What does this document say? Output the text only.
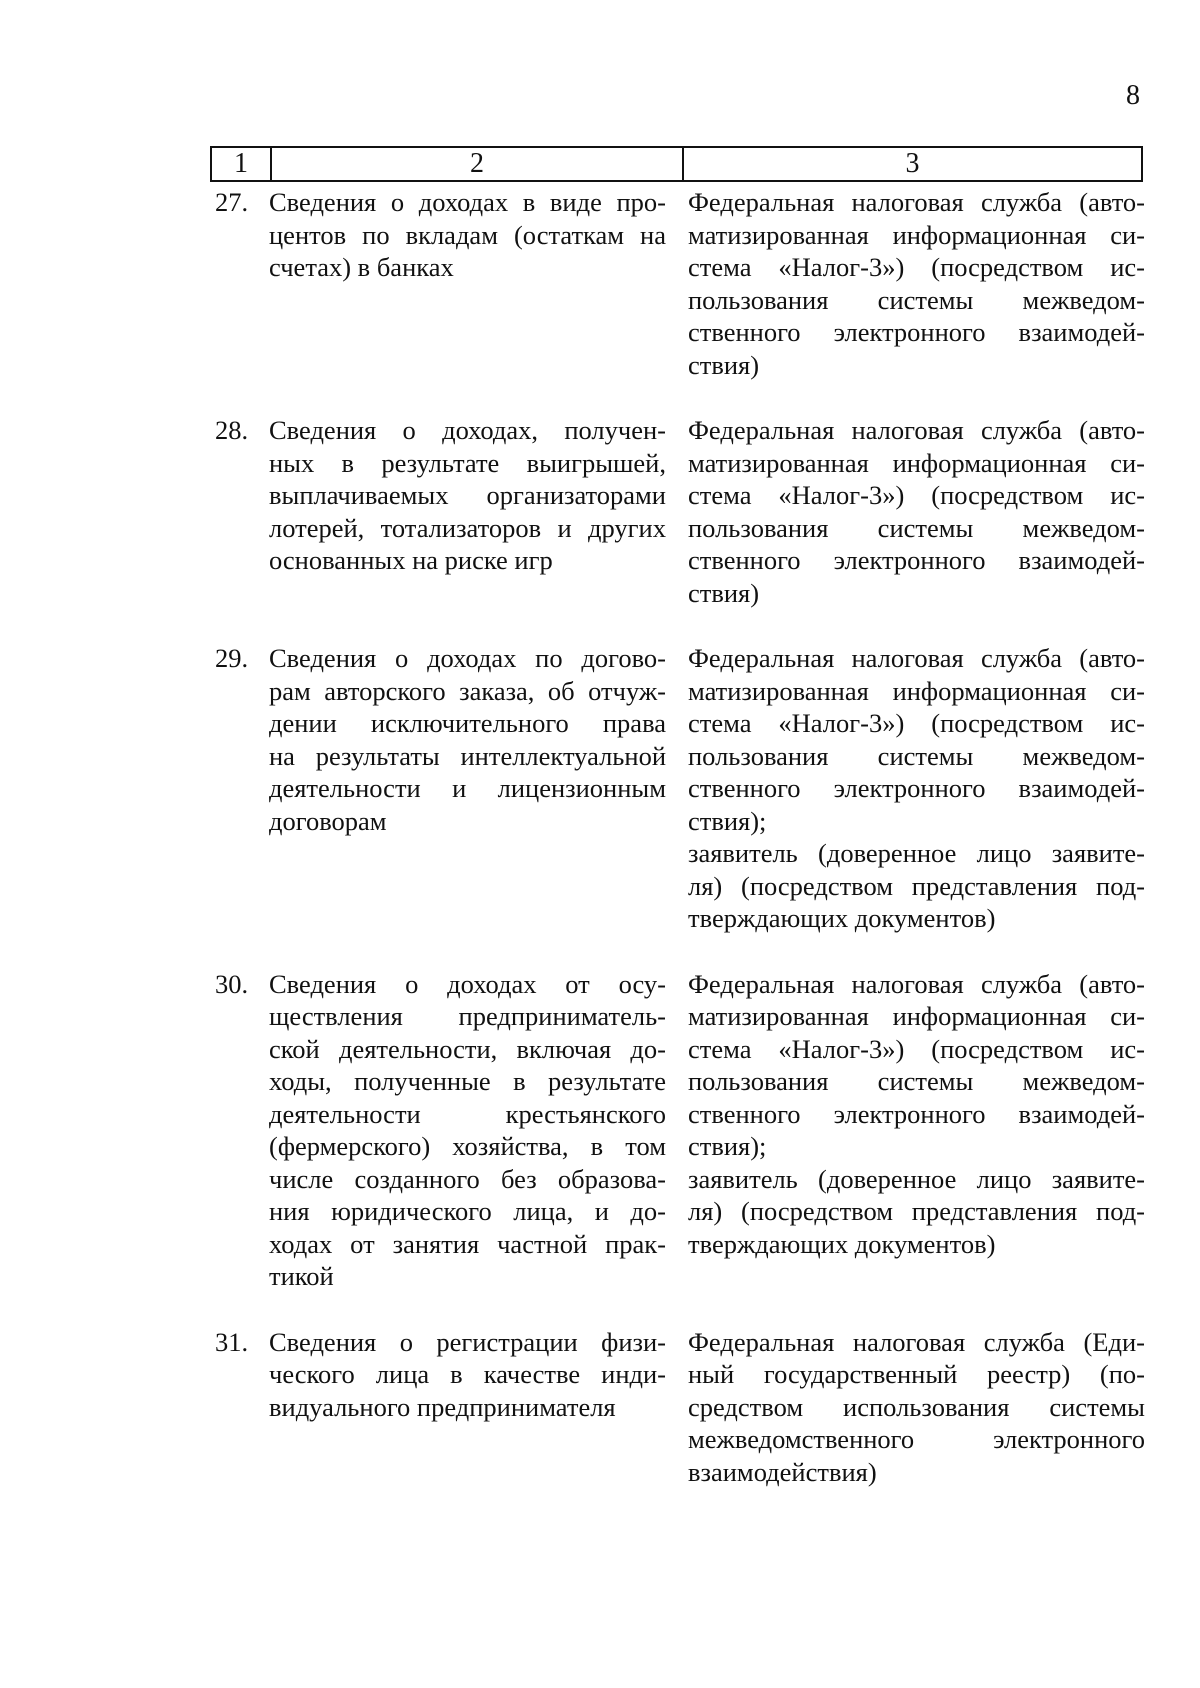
8
1	2	3
27. Сведения о доходах в виде про-
центов по вкладам (остаткам на
счетах) в банках
Федеральная налоговая служба (авто-
матизированная информационная си-
стема «Налог-3») (посредством ис-
пользования системы межведом-
ственного электронного взаимодей-
ствия)
28. Сведения о доходах, получен-
ных в результате выигрышей,
выплачиваемых организаторами
лотерей, тотализаторов и других
основанных на риске игр
Федеральная налоговая служба (авто-
матизированная информационная си-
стема «Налог-3») (посредством ис-
пользования системы межведом-
ственного электронного взаимодей-
ствия)
29. Сведения о доходах по догово-
рам авторского заказа, об отчуж-
дении исключительного права
на результаты интеллектуальной
деятельности и лицензионным
договорам
Федеральная налоговая служба (авто-
матизированная информационная си-
стема «Налог-3») (посредством ис-
пользования системы межведом-
ственного электронного взаимодей-
ствия);
заявитель (доверенное лицо заявите-
ля) (посредством представления под-
тверждающих документов)
30. Сведения о доходах от осу-
ществления предприниматель-
ской деятельности, включая до-
ходы, полученные в результате
деятельности крестьянского
(фермерского) хозяйства, в том
числе созданного без образова-
ния юридического лица, и до-
ходах от занятия частной прак-
тикой
Федеральная налоговая служба (авто-
матизированная информационная си-
стема «Налог-3») (посредством ис-
пользования системы межведом-
ственного электронного взаимодей-
ствия);
заявитель (доверенное лицо заявите-
ля) (посредством представления под-
тверждающих документов)
31. Сведения о регистрации физи-
ческого лица в качестве инди-
видуального предпринимателя
Федеральная налоговая служба (Еди-
ный государственный реестр) (по-
средством использования системы
межведомственного электронного
взаимодействия)
